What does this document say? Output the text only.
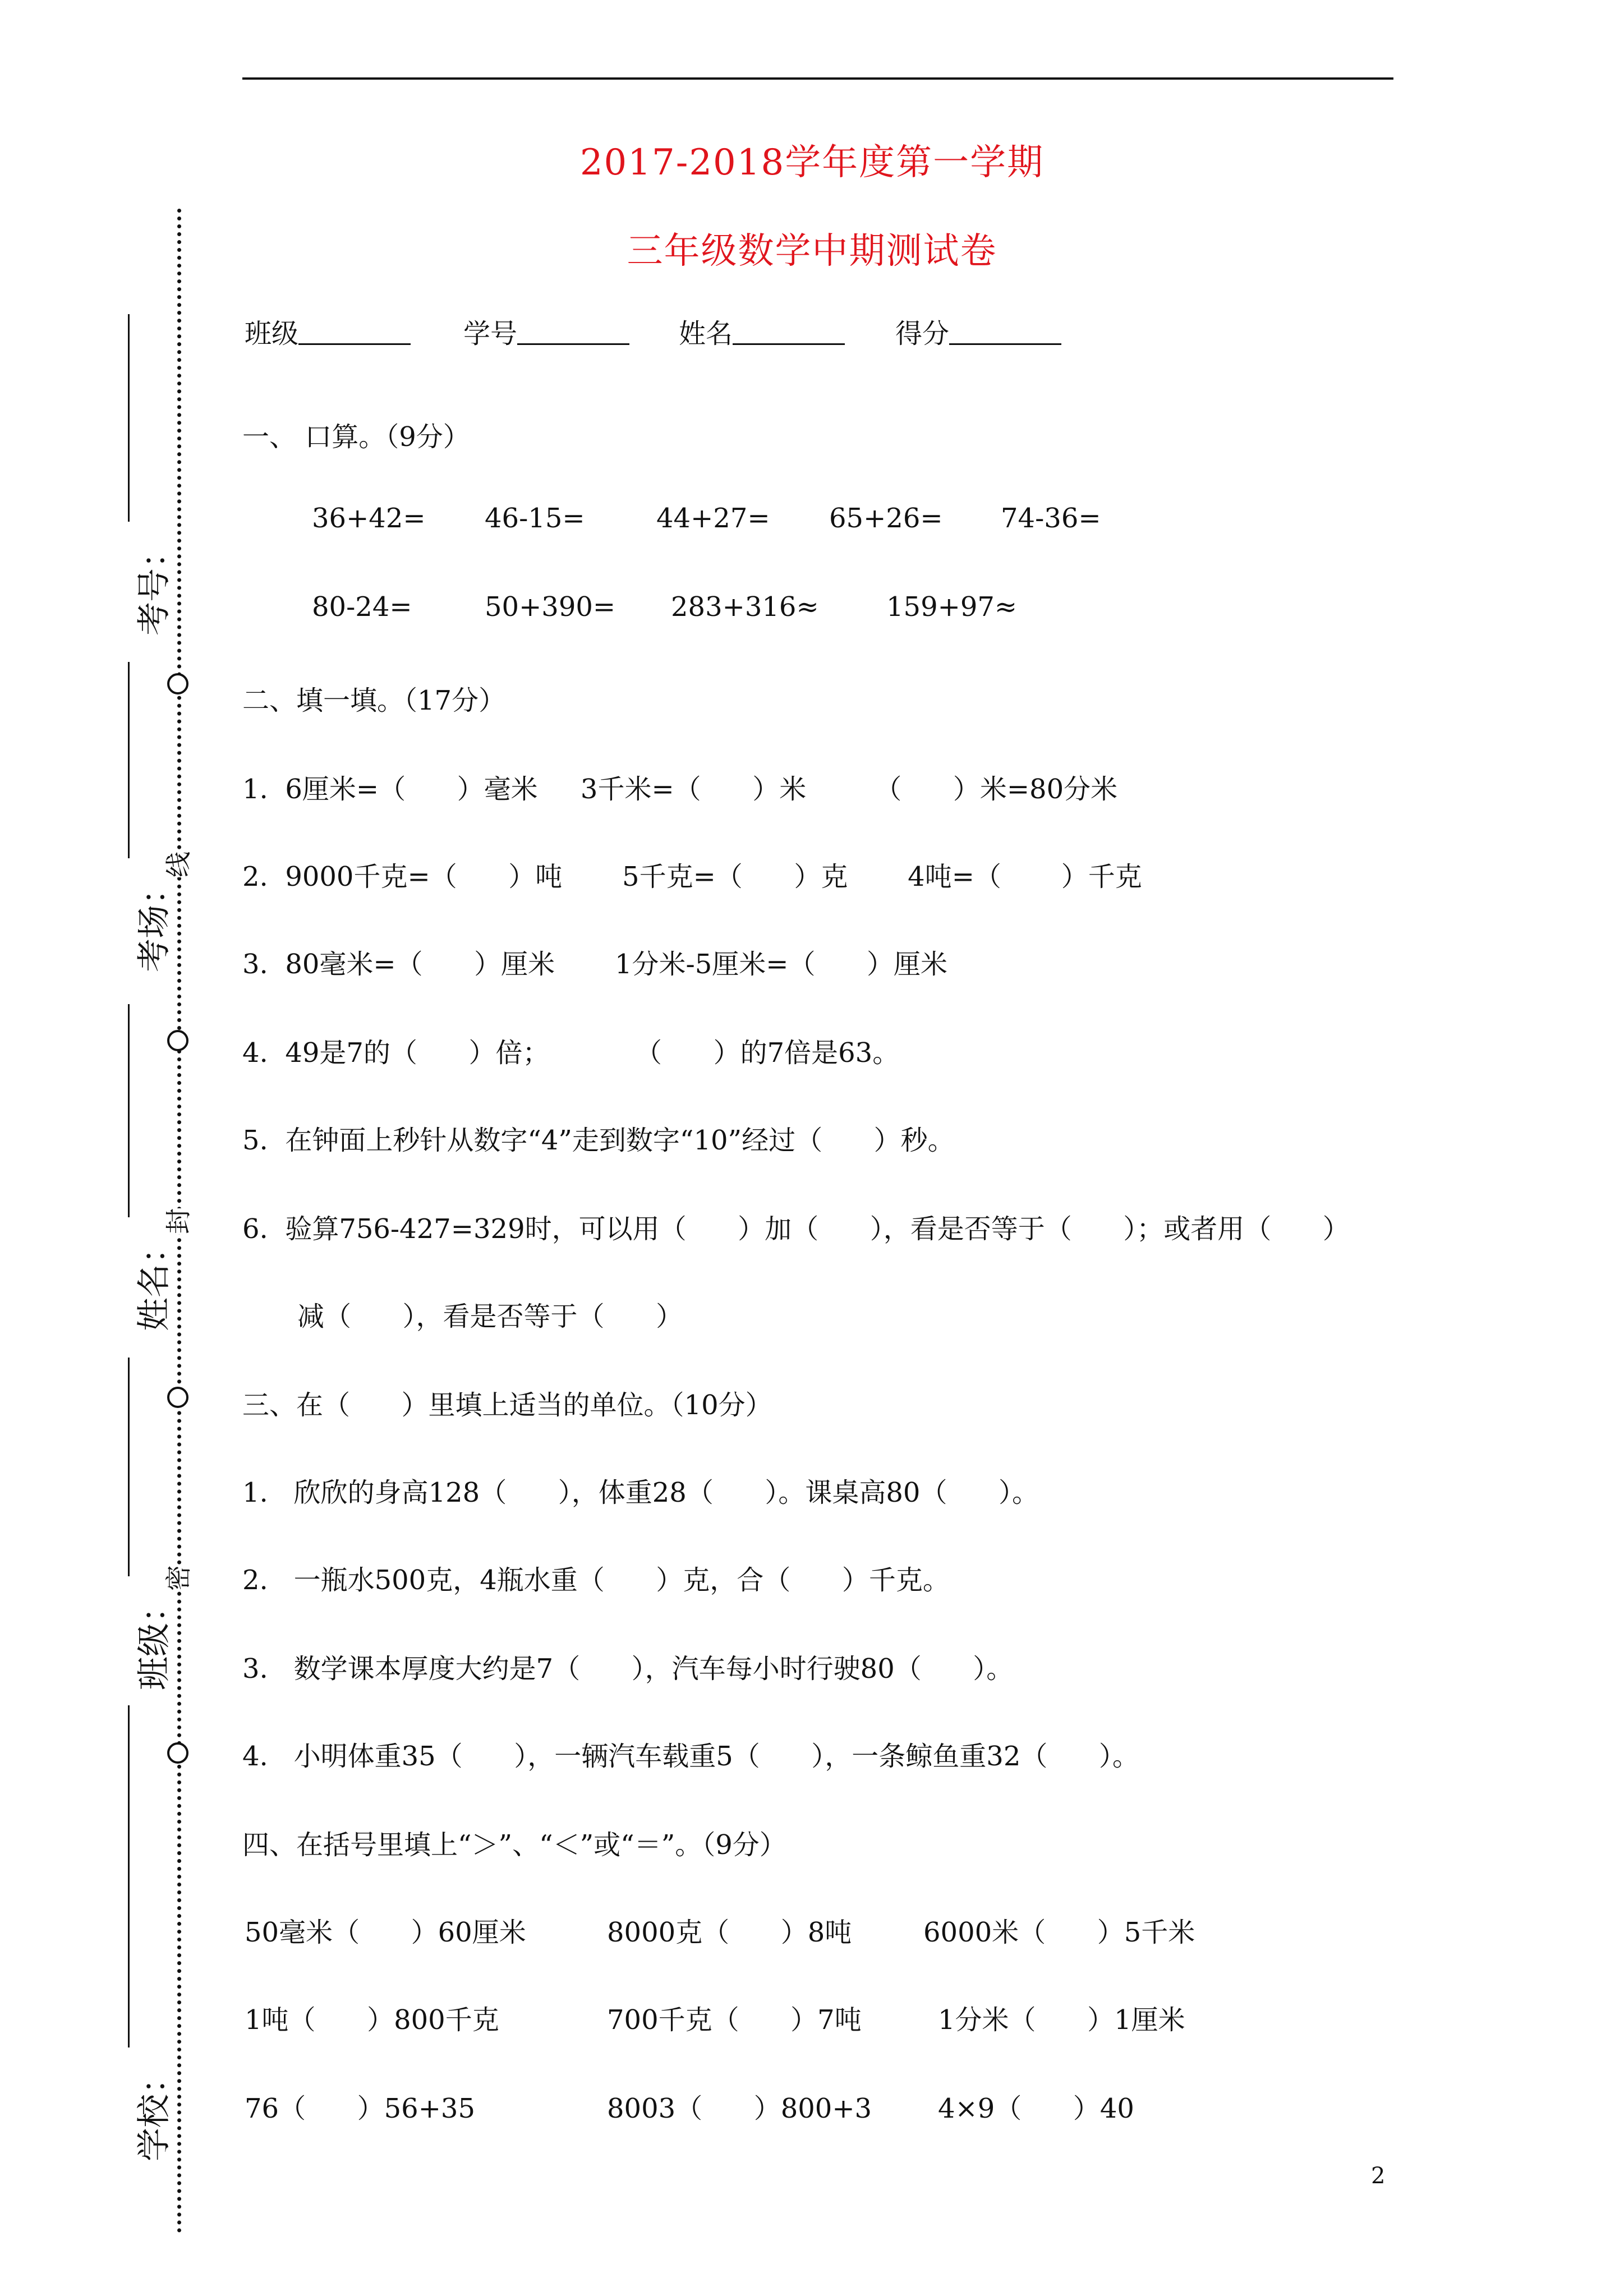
2017-2018学年度第一学期
三年级数学中期测试卷
班级	学号	姓名	得分
一、 口算。（9分）
36+42= 46-15=	44+27= 65+26= 74-36=
80-24=	50+390= 283+316≈	159+97≈
二、填一填。（17分）
1.  6厘米=（      ）毫米     3千米=（      ）米        （      ）米=80分米
2.  9000千克=（      ）吨       5千克=（      ）克       4吨=（       ）千克
3.  80毫米=（      ）厘米       1分米-5厘米=（      ）厘米
4.  49是7的（      ）倍；          （      ）的7倍是63。
5.  在钟面上秒针从数字“4”走到数字“10”经过（      ）秒。
6.  验算756-427=329时，可以用（      ）加（      ），看是否等于（      ）；或者用（      ）
减（      ），看是否等于（      ）
三、在（      ）里填上适当的单位。（10分）
1.   欣欣的身高128（      ），体重28（      ）。课桌高80（      ）。
2.   一瓶水500克，4瓶水重（      ）克，合（      ）千克。
3.   数学课本厚度大约是7（      ），汽车每小时行驶80（      ）。
4.   小明体重35（      ），一辆汽车载重5（      ），一条鲸鱼重32（      ）。
四、在括号里填上“＞”、“＜”或“＝”。（9分）
50毫米（      ）60厘米	8000克（      ）8吨	6000米（      ）5千米
1吨（      ）800千克	700千克（      ）7吨	1分米（      ）1厘米
76（      ）56+35	8003（      ）800+3 4×9（      ）40
线
封
密
考号：
考场：
姓名：
班级：
学校：
2
